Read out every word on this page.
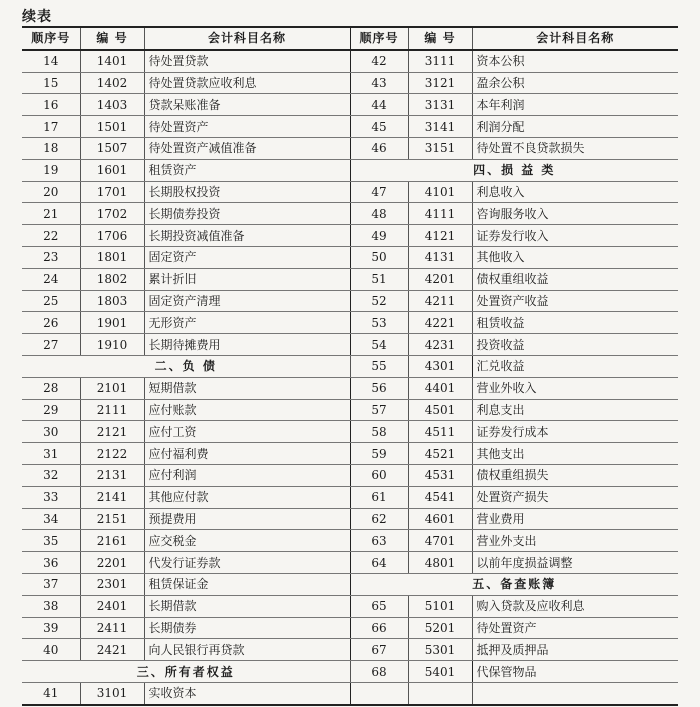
续表
顺序号	编 号	会计科目名称	顺序号	编 号	会计科目名称
14	1401	待处置贷款	42	3111	资本公积
15	1402	待处置贷款应收利息	43	3121	盈余公积
16	1403	贷款呆账准备	44	3131	本年利润
17	1501	待处置资产	45	3141	利润分配
18	1507	待处置资产减值准备	46	3151	待处置不良贷款损失
19	1601	租赁资产	四、损 益 类		
20	1701	长期股权投资	47	4101	利息收入
21	1702	长期债券投资	48	4111	咨询服务收入
22	1706	长期投资减值准备	49	4121	证券发行收入
23	1801	固定资产	50	4131	其他收入
24	1802	累计折旧	51	4201	债权重组收益
25	1803	固定资产清理	52	4211	处置资产收益
26	1901	无形资产	53	4221	租赁收益
27	1910	长期待摊费用	54	4231	投资收益
二、负 债			55	4301	汇兑收益
28	2101	短期借款	56	4401	营业外收入
29	2111	应付账款	57	4501	利息支出
30	2121	应付工资	58	4511	证券发行成本
31	2122	应付福利费	59	4521	其他支出
32	2131	应付利润	60	4531	债权重组损失
33	2141	其他应付款	61	4541	处置资产损失
34	2151	预提费用	62	4601	营业费用
35	2161	应交税金	63	4701	营业外支出
36	2201	代发行证券款	64	4801	以前年度损益调整
37	2301	租赁保证金	五、备查账簿		
38	2401	长期借款	65	5101	购入贷款及应收利息
39	2411	长期债券	66	5201	待处置资产
40	2421	向人民银行再贷款	67	5301	抵押及质押品
三、所有者权益			68	5401	代保管物品
41	3101	实收资本			
